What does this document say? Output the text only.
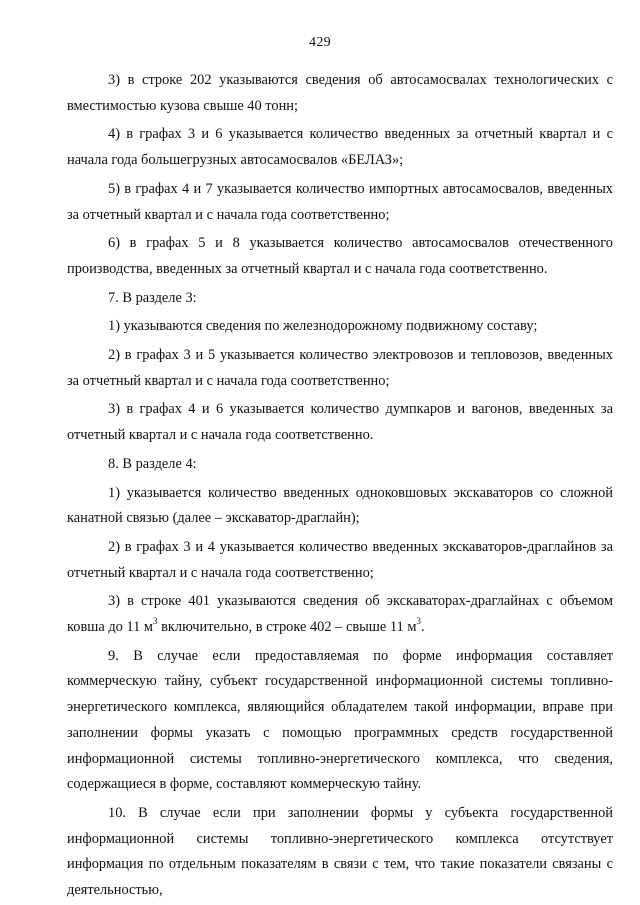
429

3) в строке 202 указываются сведения об автосамосвалах технологических с вместимостью кузова свыше 40 тонн;

4) в графах 3 и 6 указывается количество введенных за отчетный квартал и с начала года большегрузных автосамосвалов «БЕЛАЗ»;

5) в графах 4 и 7 указывается количество импортных автосамосвалов, введенных за отчетный квартал и с начала года соответственно;

6) в графах 5 и 8 указывается количество автосамосвалов отечественного производства, введенных за отчетный квартал и с начала года соответственно.

7. В разделе 3:

1) указываются сведения по железнодорожному подвижному составу;

2) в графах 3 и 5 указывается количество электровозов и тепловозов, введенных за отчетный квартал и с начала года соответственно;

3) в графах 4 и 6 указывается количество думпкаров и вагонов, введенных за отчетный квартал и с начала года соответственно.

8. В разделе 4:

1) указывается количество введенных одноковшовых экскаваторов со сложной канатной связью (далее – экскаватор-драглайн);

2) в графах 3 и 4 указывается количество введенных экскаваторов-драглайнов за отчетный квартал и с начала года соответственно;

3) в строке 401 указываются сведения об экскаваторах-драглайнах с объемом ковша до 11 $м^3$ включительно, в строке 402 – свыше 11 $м^3$.

9. В случае если предоставляемая по форме информация составляет коммерческую тайну, субъект государственной информационной системы топливно-энергетического комплекса, являющийся обладателем такой информации, вправе при заполнении формы указать с помощью программных средств государственной информационной системы топливно-энергетического комплекса, что сведения, содержащиеся в форме, составляют коммерческую тайну.

10. В случае если при заполнении формы у субъекта государственной информационной системы топливно-энергетического комплекса отсутствует информация по отдельным показателям в связи с тем, что такие показатели связаны с деятельностью,
